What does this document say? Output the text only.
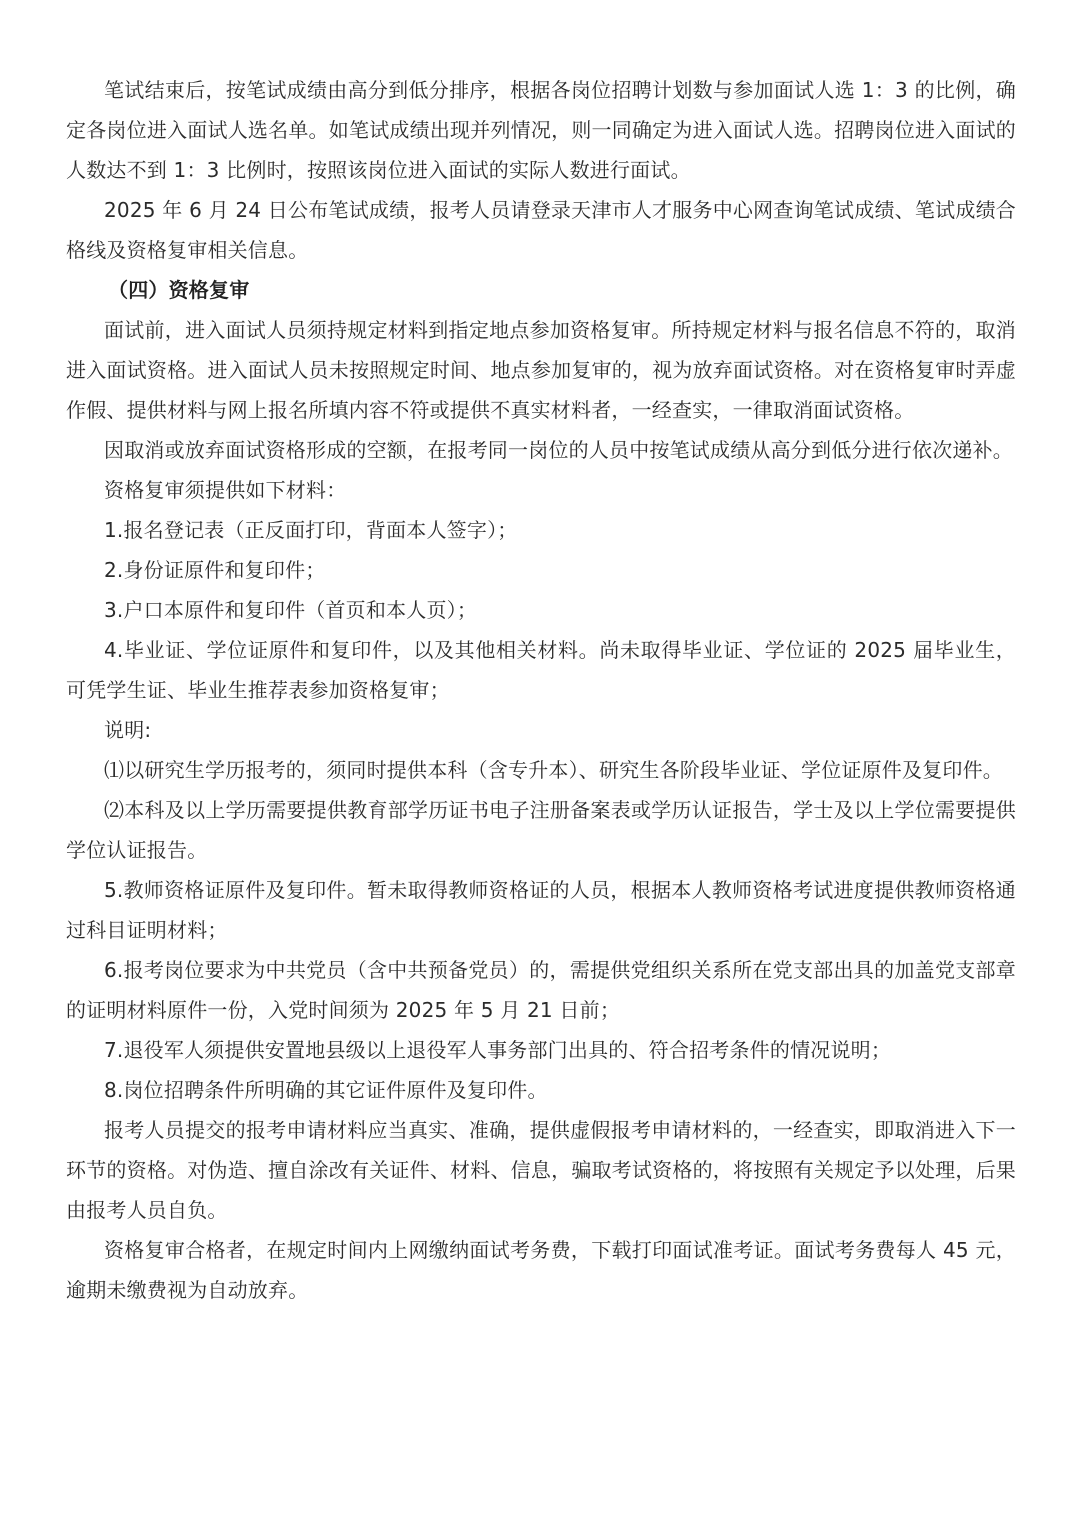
笔试结束后，按笔试成绩由高分到低分排序，根据各岗位招聘计划数与参加面试人选 1：3 的比例，确定各岗位进入面试人选名单。如笔试成绩出现并列情况，则一同确定为进入面试人选。招聘岗位进入面试的人数达不到 1：3 比例时，按照该岗位进入面试的实际人数进行面试。

2025 年 6 月 24 日公布笔试成绩，报考人员请登录天津市人才服务中心网查询笔试成绩、笔试成绩合格线及资格复审相关信息。

（四）资格复审

面试前，进入面试人员须持规定材料到指定地点参加资格复审。所持规定材料与报名信息不符的，取消进入面试资格。进入面试人员未按照规定时间、地点参加复审的，视为放弃面试资格。对在资格复审时弄虚作假、提供材料与网上报名所填内容不符或提供不真实材料者，一经查实，一律取消面试资格。

因取消或放弃面试资格形成的空额，在报考同一岗位的人员中按笔试成绩从高分到低分进行依次递补。

资格复审须提供如下材料：

1.报名登记表（正反面打印，背面本人签字）；

2.身份证原件和复印件；

3.户口本原件和复印件（首页和本人页）；

4.毕业证、学位证原件和复印件，以及其他相关材料。尚未取得毕业证、学位证的 2025 届毕业生，可凭学生证、毕业生推荐表参加资格复审；

说明:

⑴以研究生学历报考的，须同时提供本科（含专升本）、研究生各阶段毕业证、学位证原件及复印件。

⑵本科及以上学历需要提供教育部学历证书电子注册备案表或学历认证报告，学士及以上学位需要提供学位认证报告。

5.教师资格证原件及复印件。暂未取得教师资格证的人员，根据本人教师资格考试进度提供教师资格通过科目证明材料；

6.报考岗位要求为中共党员（含中共预备党员）的，需提供党组织关系所在党支部出具的加盖党支部章的证明材料原件一份，入党时间须为 2025 年 5 月 21 日前；

7.退役军人须提供安置地县级以上退役军人事务部门出具的、符合招考条件的情况说明；

8.岗位招聘条件所明确的其它证件原件及复印件。

报考人员提交的报考申请材料应当真实、准确，提供虚假报考申请材料的，一经查实，即取消进入下一环节的资格。对伪造、擅自涂改有关证件、材料、信息，骗取考试资格的，将按照有关规定予以处理，后果由报考人员自负。

资格复审合格者，在规定时间内上网缴纳面试考务费，下载打印面试准考证。面试考务费每人 45 元，逾期未缴费视为自动放弃。
